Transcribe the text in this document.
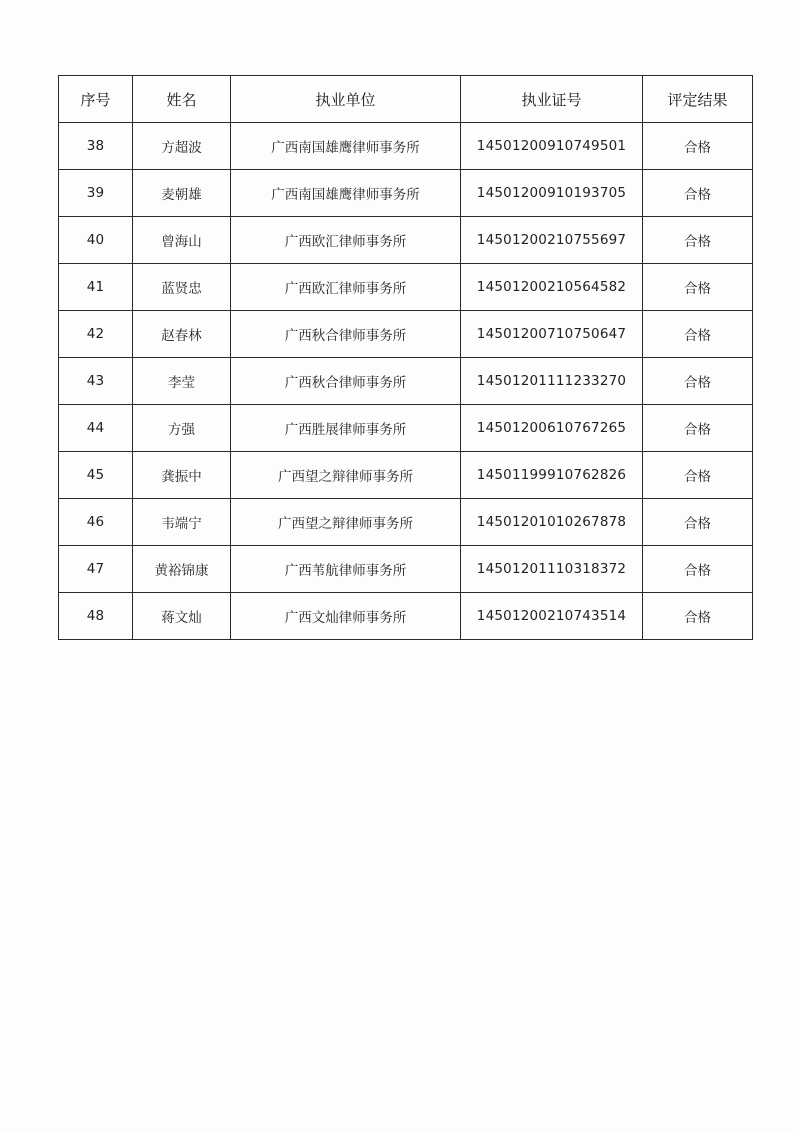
序号	姓名	执业单位	执业证号	评定结果
38	方超波	广西南国雄鹰律师事务所	14501200910749501	合格
39	麦朝雄	广西南国雄鹰律师事务所	14501200910193705	合格
40	曾海山	广西欧汇律师事务所	14501200210755697	合格
41	蓝贤忠	广西欧汇律师事务所	14501200210564582	合格
42	赵春林	广西秋合律师事务所	14501200710750647	合格
43	李莹	广西秋合律师事务所	14501201111233270	合格
44	方强	广西胜展律师事务所	14501200610767265	合格
45	龚振中	广西望之辩律师事务所	14501199910762826	合格
46	韦端宁	广西望之辩律师事务所	14501201010267878	合格
47	黄裕锦康	广西苇航律师事务所	14501201110318372	合格
48	蒋文灿	广西文灿律师事务所	14501200210743514	合格
